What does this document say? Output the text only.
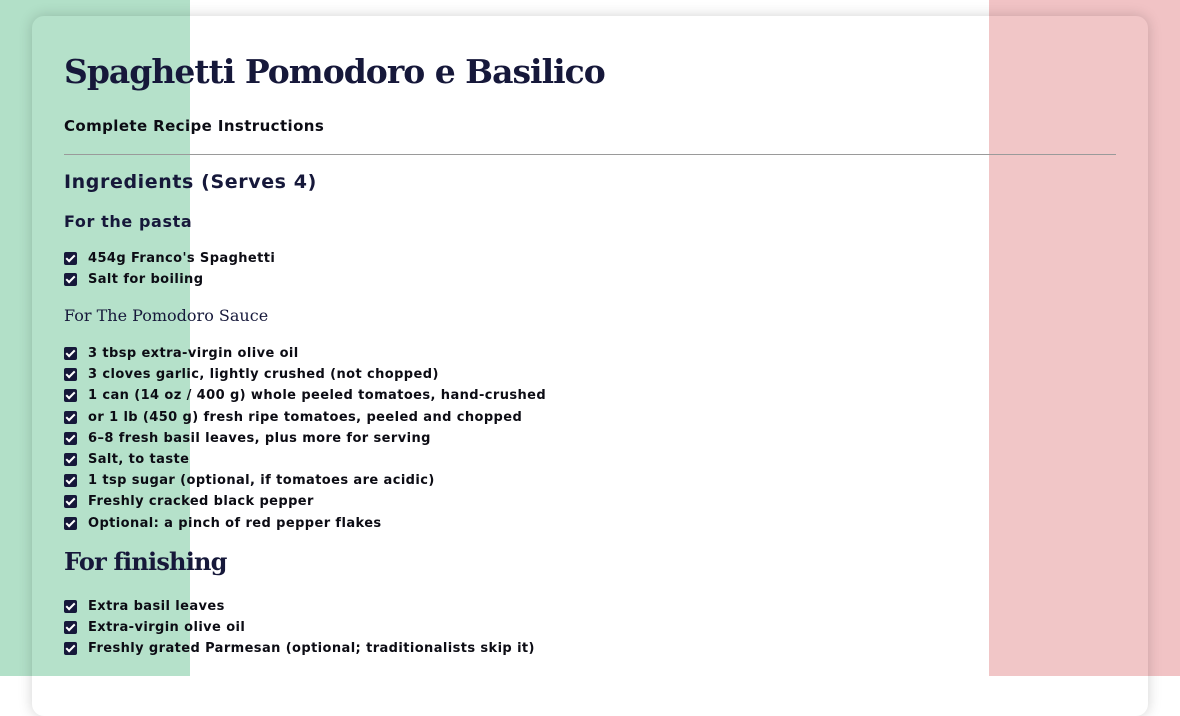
Spaghetti Pomodoro e Basilico
Complete Recipe Instructions
Ingredients (Serves 4)
For the pasta
454g Franco's Spaghetti
Salt for boiling
For The Pomodoro Sauce
3 tbsp extra-virgin olive oil
3 cloves garlic, lightly crushed (not chopped)
1 can (14 oz / 400 g) whole peeled tomatoes, hand-crushed
or 1 lb (450 g) fresh ripe tomatoes, peeled and chopped
6–8 fresh basil leaves, plus more for serving
Salt, to taste
1 tsp sugar (optional, if tomatoes are acidic)
Freshly cracked black pepper
Optional: a pinch of red pepper flakes
For finishing
Extra basil leaves
Extra-virgin olive oil
Freshly grated Parmesan (optional; traditionalists skip it)
